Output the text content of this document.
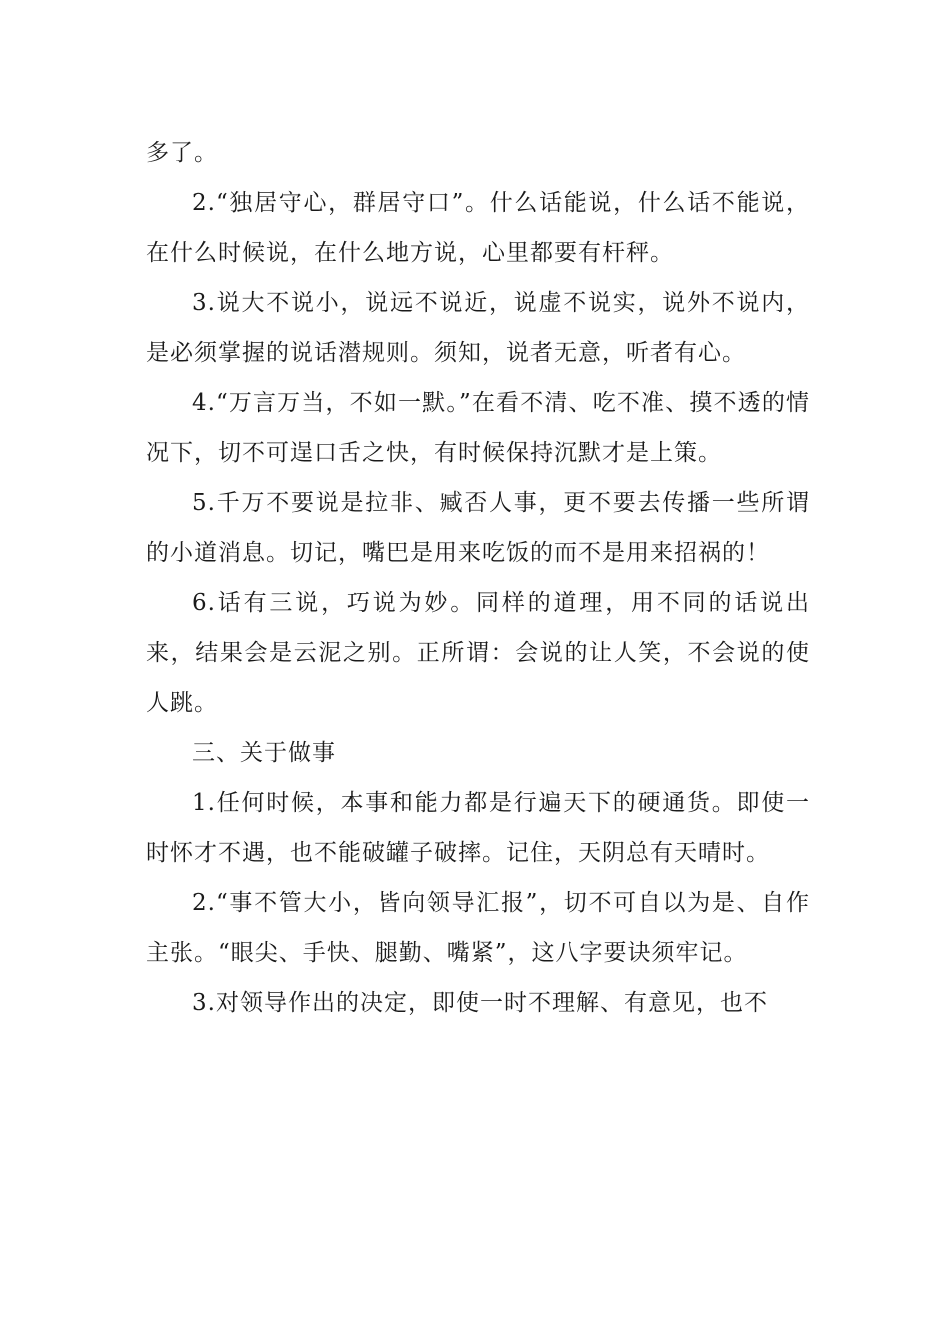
多了。

2.“独居守心，群居守口”。什么话能说，什么话不能说，在什么时候说，在什么地方说，心里都要有杆秤。

3.说大不说小，说远不说近，说虚不说实，说外不说内，是必须掌握的说话潜规则。须知，说者无意，听者有心。

4.“万言万当，不如一默。”在看不清、吃不准、摸不透的情况下，切不可逞口舌之快，有时候保持沉默才是上策。

5.千万不要说是拉非、臧否人事，更不要去传播一些所谓的小道消息。切记，嘴巴是用来吃饭的而不是用来招祸的！

6.话有三说，巧说为妙。同样的道理，用不同的话说出来，结果会是云泥之别。正所谓：会说的让人笑，不会说的使人跳。

三、关于做事

1.任何时候，本事和能力都是行遍天下的硬通货。即使一时怀才不遇，也不能破罐子破摔。记住，天阴总有天晴时。

2.“事不管大小，皆向领导汇报”，切不可自以为是、自作主张。“眼尖、手快、腿勤、嘴紧”，这八字要诀须牢记。

3.对领导作出的决定，即使一时不理解、有意见，也不
